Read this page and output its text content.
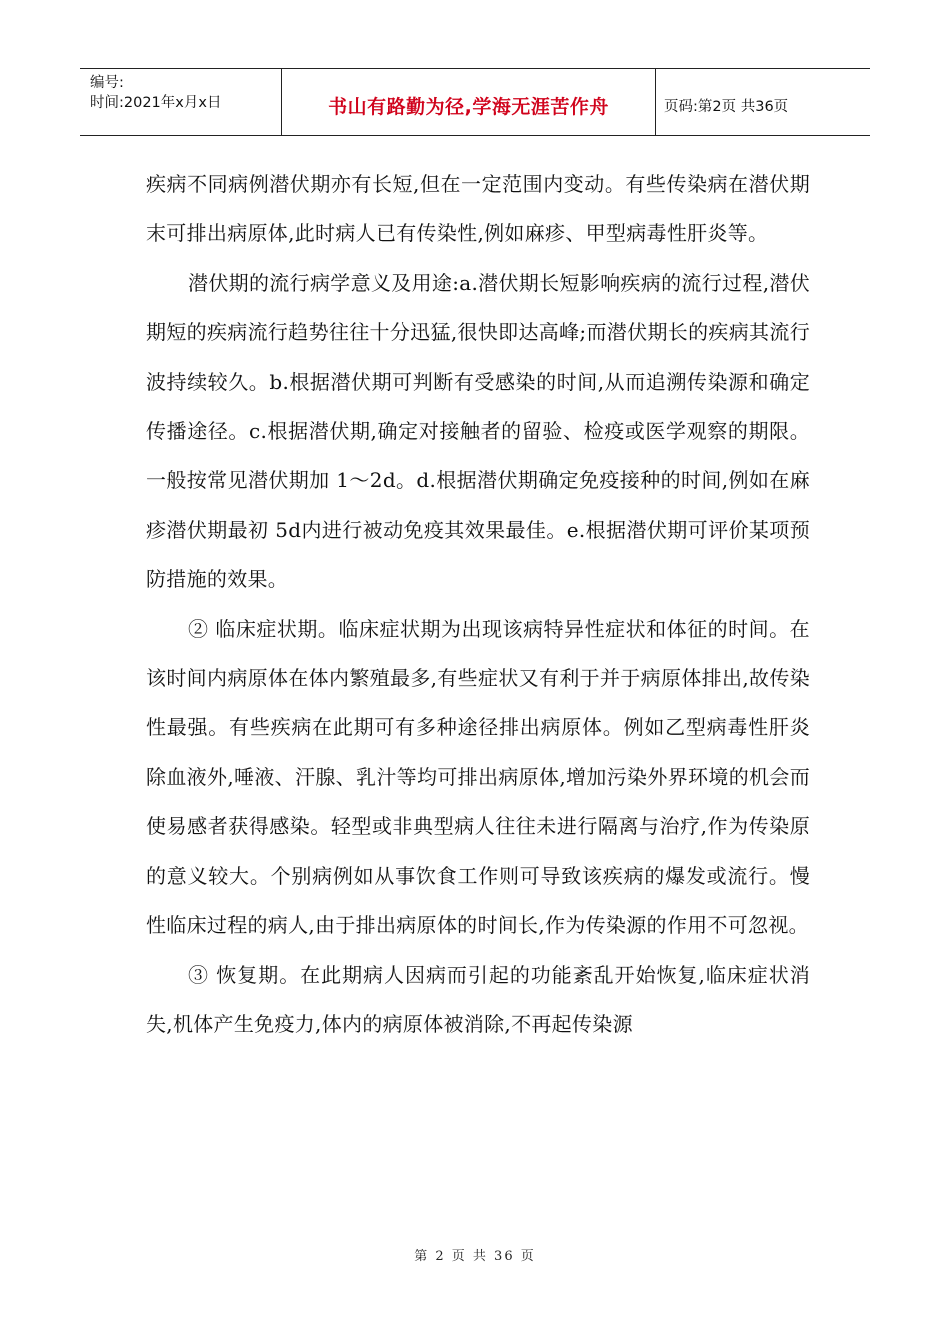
编号:
时间:2021年x月x日	书山有路勤为径,学海无涯苦作舟	页码:第2页 共36页

疾病不同病例潜伏期亦有长短,但在一定范围内变动。有些传染病在潜伏期末可排出病原体,此时病人已有传染性,例如麻疹、甲型病毒性肝炎等。

潜伏期的流行病学意义及用途:a.潜伏期长短影响疾病的流行过程,潜伏期短的疾病流行趋势往往十分迅猛,很快即达高峰;而潜伏期长的疾病其流行波持续较久。b.根据潜伏期可判断有受感染的时间,从而追溯传染源和确定传播途径。c.根据潜伏期,确定对接触者的留验、检疫或医学观察的期限。一般按常见潜伏期加 1～2d。d.根据潜伏期确定免疫接种的时间,例如在麻疹潜伏期最初 5d内进行被动免疫其效果最佳。e.根据潜伏期可评价某项预防措施的效果。

② 临床症状期。临床症状期为出现该病特异性症状和体征的时间。在该时间内病原体在体内繁殖最多,有些症状又有利于并于病原体排出,故传染性最强。有些疾病在此期可有多种途径排出病原体。例如乙型病毒性肝炎除血液外,唾液、汗腺、乳汁等均可排出病原体,增加污染外界环境的机会而使易感者获得感染。轻型或非典型病人往往未进行隔离与治疗,作为传染原的意义较大。个别病例如从事饮食工作则可导致该疾病的爆发或流行。慢性临床过程的病人,由于排出病原体的时间长,作为传染源的作用不可忽视。

③ 恢复期。在此期病人因病而引起的功能紊乱开始恢复,临床症状消失,机体产生免疫力,体内的病原体被消除,不再起传染源

第 2 页 共 36 页
